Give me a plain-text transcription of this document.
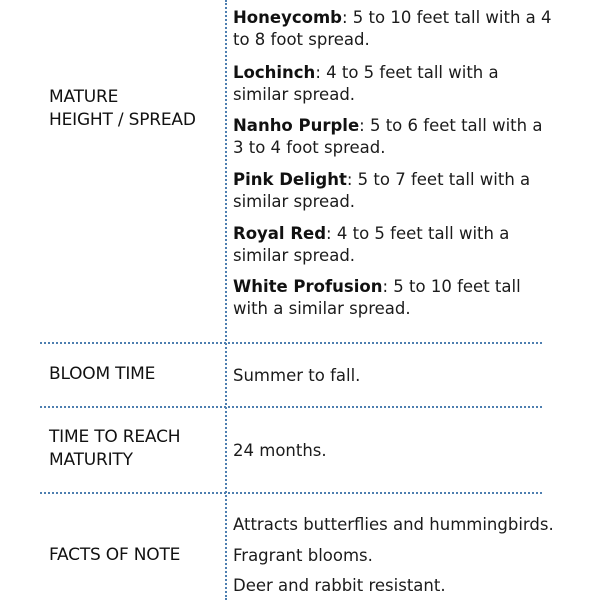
MATURE
HEIGHT / SPREAD
Honeycomb: 5 to 10 feet tall with a 4 to 8 foot spread.
Lochinch: 4 to 5 feet tall with a similar spread.
Nanho Purple: 5 to 6 feet tall with a 3 to 4 foot spread.
Pink Delight: 5 to 7 feet tall with a similar spread.
Royal Red: 4 to 5 feet tall with a similar spread.
White Profusion: 5 to 10 feet tall with a similar spread.
BLOOM TIME	Summer to fall.
TIME TO REACH
MATURITY	24 months.
FACTS OF NOTE
Attracts butterflies and hummingbirds.
Fragrant blooms.
Deer and rabbit resistant.
